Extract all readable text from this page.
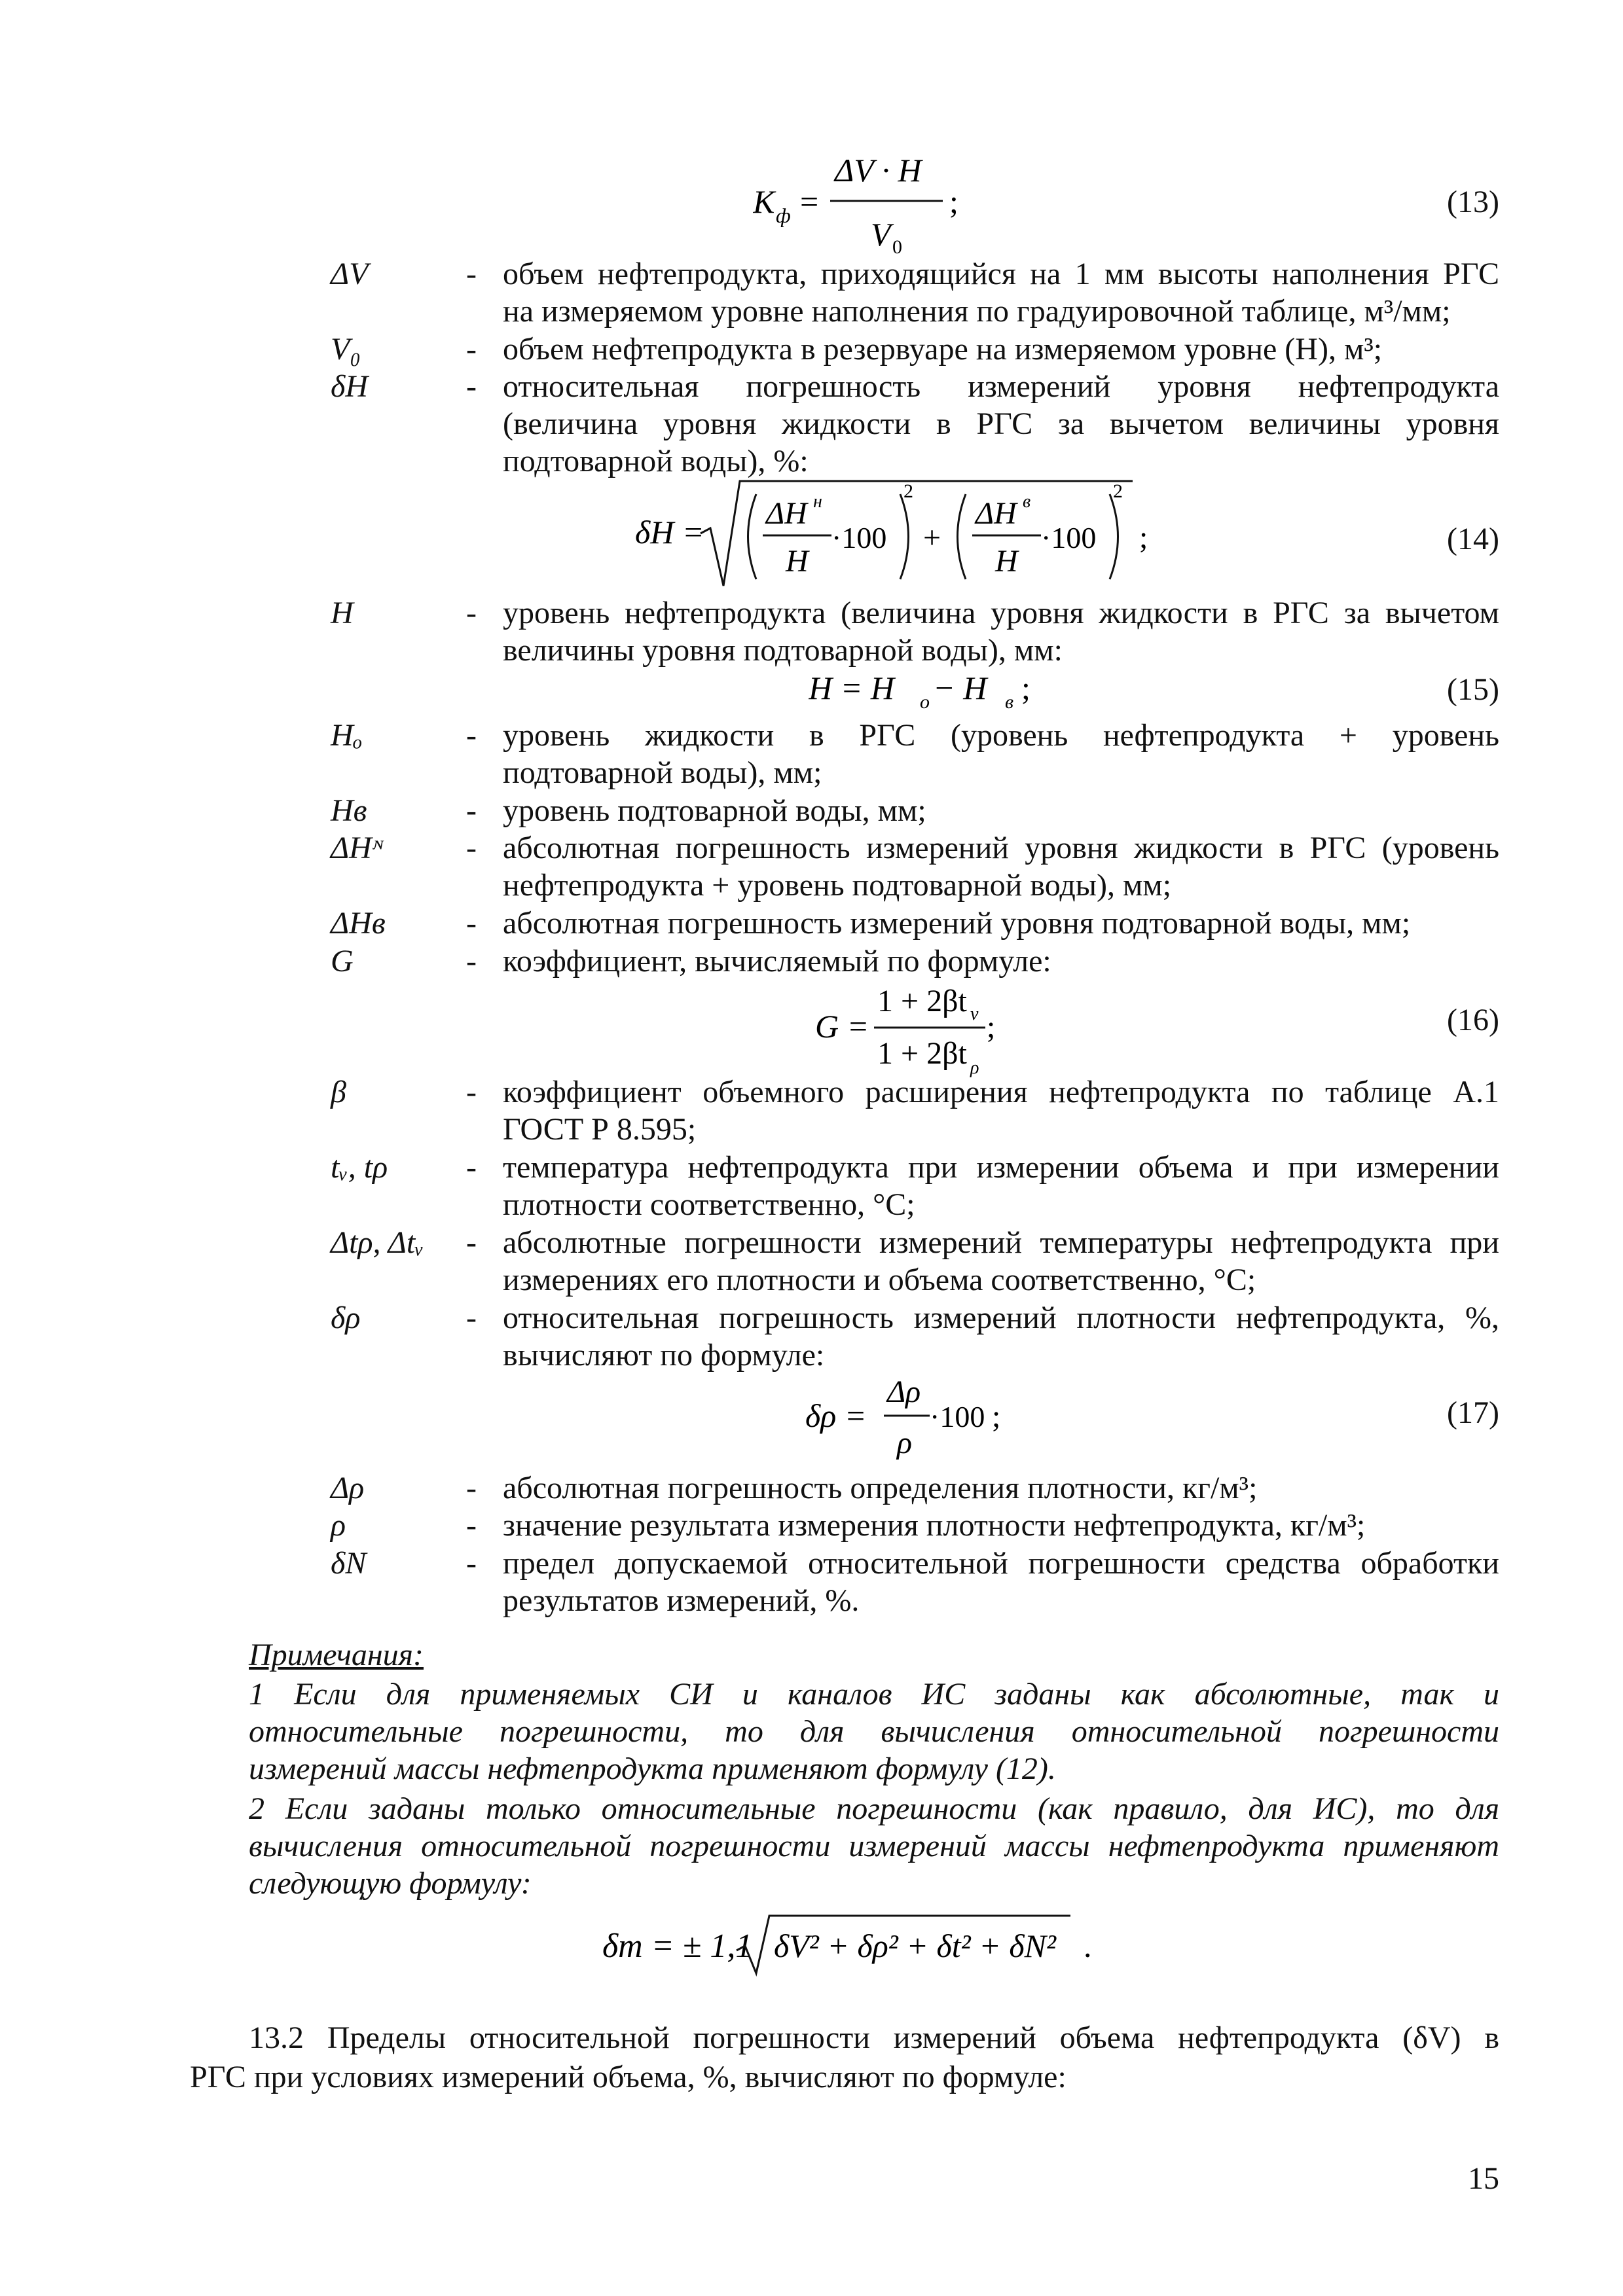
K ф =
ΔV · H
V 0
;	(13)
ΔV	- объем нефтепродукта, приходящийся на 1 мм высоты наполнения РГС
на измеряемом уровне наполнения по градуировочной таблице, м³/мм;
V₀	- объем нефтепродукта в резервуаре на измеряемом уровне (H), м³;
δH	- относительная погрешность измерений уровня нефтепродукта
(величина уровня жидкости в РГС за вычетом величины уровня
подтоварной воды), %:
δH =
ΔH н
H
·100
2
+
ΔH в
H
·100
2
;	(14)
H	- уровень нефтепродукта (величина уровня жидкости в РГС за вычетом
величины уровня подтоварной воды), мм:
H = H о − H в ;	(15)
Hₒ	- уровень жидкости в РГС (уровень нефтепродукта + уровень
подтоварной воды), мм;
Hв	- уровень подтоварной воды, мм;
ΔHᶰ	- абсолютная погрешность измерений уровня жидкости в РГС (уровень
нефтепродукта + уровень подтоварной воды), мм;
ΔHв	- абсолютная погрешность измерений уровня подтоварной воды, мм;
G	- коэффициент, вычисляемый по формуле:
G =
1 + 2βt v
1 + 2βt ρ
;	(16)
β	- коэффициент объемного расширения нефтепродукта по таблице А.1
ГОСТ Р 8.595;
tᵥ, tρ - температура нефтепродукта при измерении объема и при измерении
плотности соответственно, °С;
Δtρ, Δtᵥ - абсолютные погрешности измерений температуры нефтепродукта при
измерениях его плотности и объема соответственно, °С;
δρ	- относительная погрешность измерений плотности нефтепродукта, %,
вычисляют по формуле:
δρ =
Δρ
ρ
·100 ;	(17)
Δρ	- абсолютная погрешность определения плотности, кг/м³;
ρ	- значение результата измерения плотности нефтепродукта, кг/м³;
δN	- предел допускаемой относительной погрешности средства обработки
результатов измерений, %.
Примечания:
1 Если для применяемых СИ и каналов ИС заданы как абсолютные, так и
относительные погрешности, то для вычисления относительной погрешности
измерений массы нефтепродукта применяют формулу (12).
2 Если заданы только относительные погрешности (как правило, для ИС), то для
вычисления относительной погрешности измерений массы нефтепродукта применяют
следующую формулу:
δm = ± 1,1 δV² + δρ² + δt² + δN² .
13.2 Пределы относительной погрешности измерений объема нефтепродукта (δV) в
РГС при условиях измерений объема, %, вычисляют по формуле:
15
